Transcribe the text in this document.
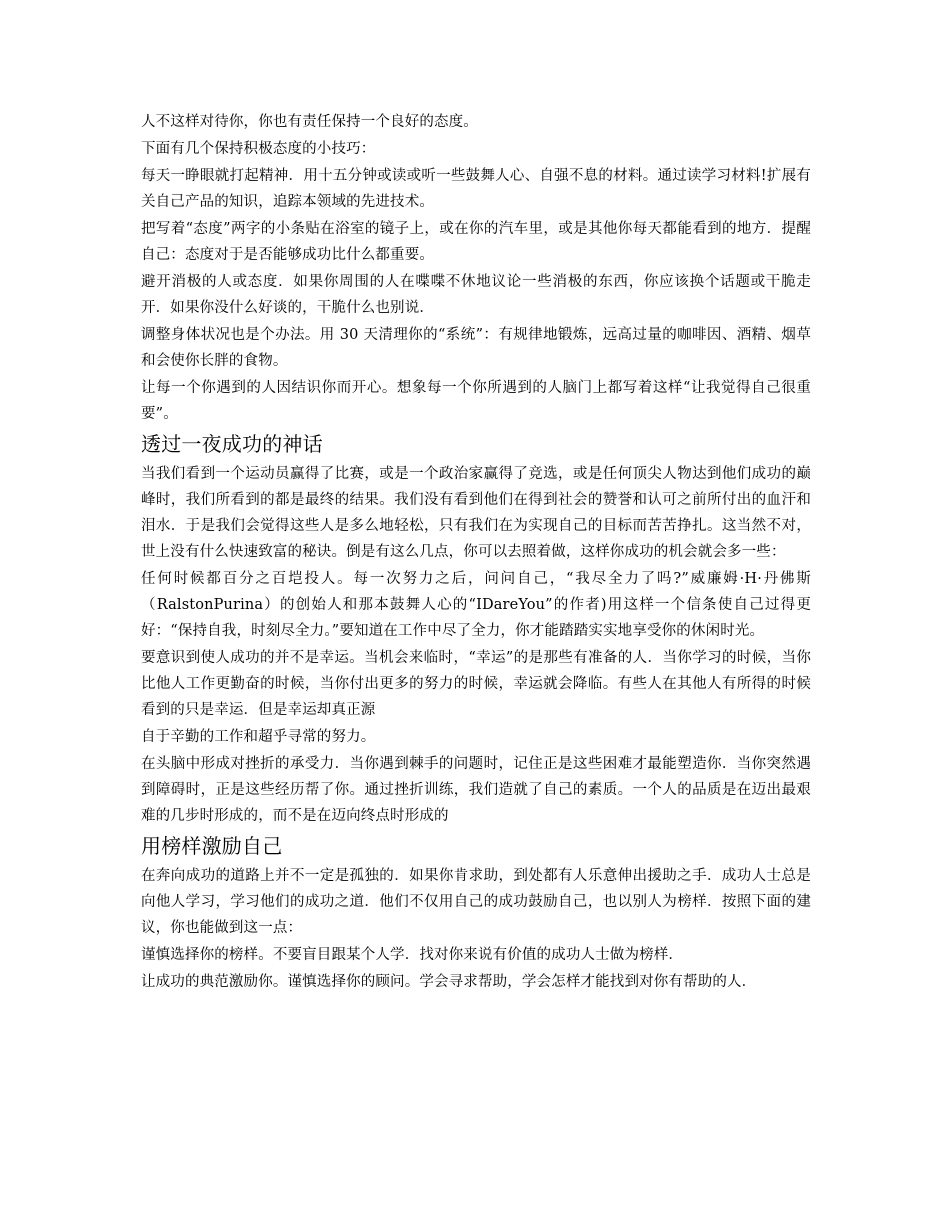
人不这样对待你，你也有责任保持一个良好的态度。

下面有几个保持积极态度的小技巧：

每天一睁眼就打起精神．用十五分钟或读或听一些鼓舞人心、自强不息的材料。通过读学习材料!扩展有关自己产品的知识，追踪本领域的先进技术。

把写着“态度”两字的小条贴在浴室的镜子上，或在你的汽车里，或是其他你每天都能看到的地方．提醒自己：态度对于是否能够成功比什么都重要。

避开消极的人或态度．如果你周围的人在喋喋不休地议论一些消极的东西，你应该换个话题或干脆走开．如果你没什么好谈的，干脆什么也别说．

调整身体状况也是个办法。用 30 天清理你的“系统”：有规律地锻炼，远高过量的咖啡因、酒精、烟草和会使你长胖的食物。

让每一个你遇到的人因结识你而开心。想象每一个你所遇到的人脑门上都写着这样“让我觉得自己很重要”。

透过一夜成功的神话

当我们看到一个运动员赢得了比赛，或是一个政治家赢得了竞选，或是任何顶尖人物达到他们成功的巅峰时，我们所看到的都是最终的结果。我们没有看到他们在得到社会的赞誉和认可之前所付出的血汗和泪水．于是我们会觉得这些人是多么地轻松，只有我们在为实现自己的目标而苦苦挣扎。这当然不对，世上没有什么快速致富的秘诀。倒是有这么几点，你可以去照着做，这样你成功的机会就会多一些：

任何时候都百分之百垲投人。每一次努力之后，问问自己，“我尽全力了吗?”威廉姆·H·丹佛斯（RalstonPurina）的创始人和那本鼓舞人心的“IDareYou”的作者)用这样一个信条使自己过得更好：“保持自我，时刻尽全力。”要知道在工作中尽了全力，你才能踏踏实实地享受你的休闲时光。

要意识到使人成功的并不是幸运。当机会来临时，“幸运”的是那些有准备的人．当你学习的时候，当你比他人工作更勤奋的时候，当你付出更多的努力的时候，幸运就会降临。有些人在其他人有所得的时候看到的只是幸运．但是幸运却真正源

自于辛勤的工作和超乎寻常的努力。

在头脑中形成对挫折的承受力．当你遇到棘手的问题时，记住正是这些困难才最能塑造你．当你突然遇到障碍时，正是这些经历帮了你。通过挫折训练，我们造就了自己的素质。一个人的品质是在迈出最艰难的几步时形成的，而不是在迈向终点时形成的

用榜样激励自己

在奔向成功的道路上并不一定是孤独的．如果你肯求助，到处都有人乐意伸出援助之手．成功人士总是向他人学习，学习他们的成功之道．他们不仅用自己的成功鼓励自己，也以别人为榜样．按照下面的建议，你也能做到这一点：

谨慎选择你的榜样。不要盲目跟某个人学．找对你来说有价值的成功人士做为榜样．

让成功的典范激励你。谨慎选择你的顾问。学会寻求帮助，学会怎样才能找到对你有帮助的人．
